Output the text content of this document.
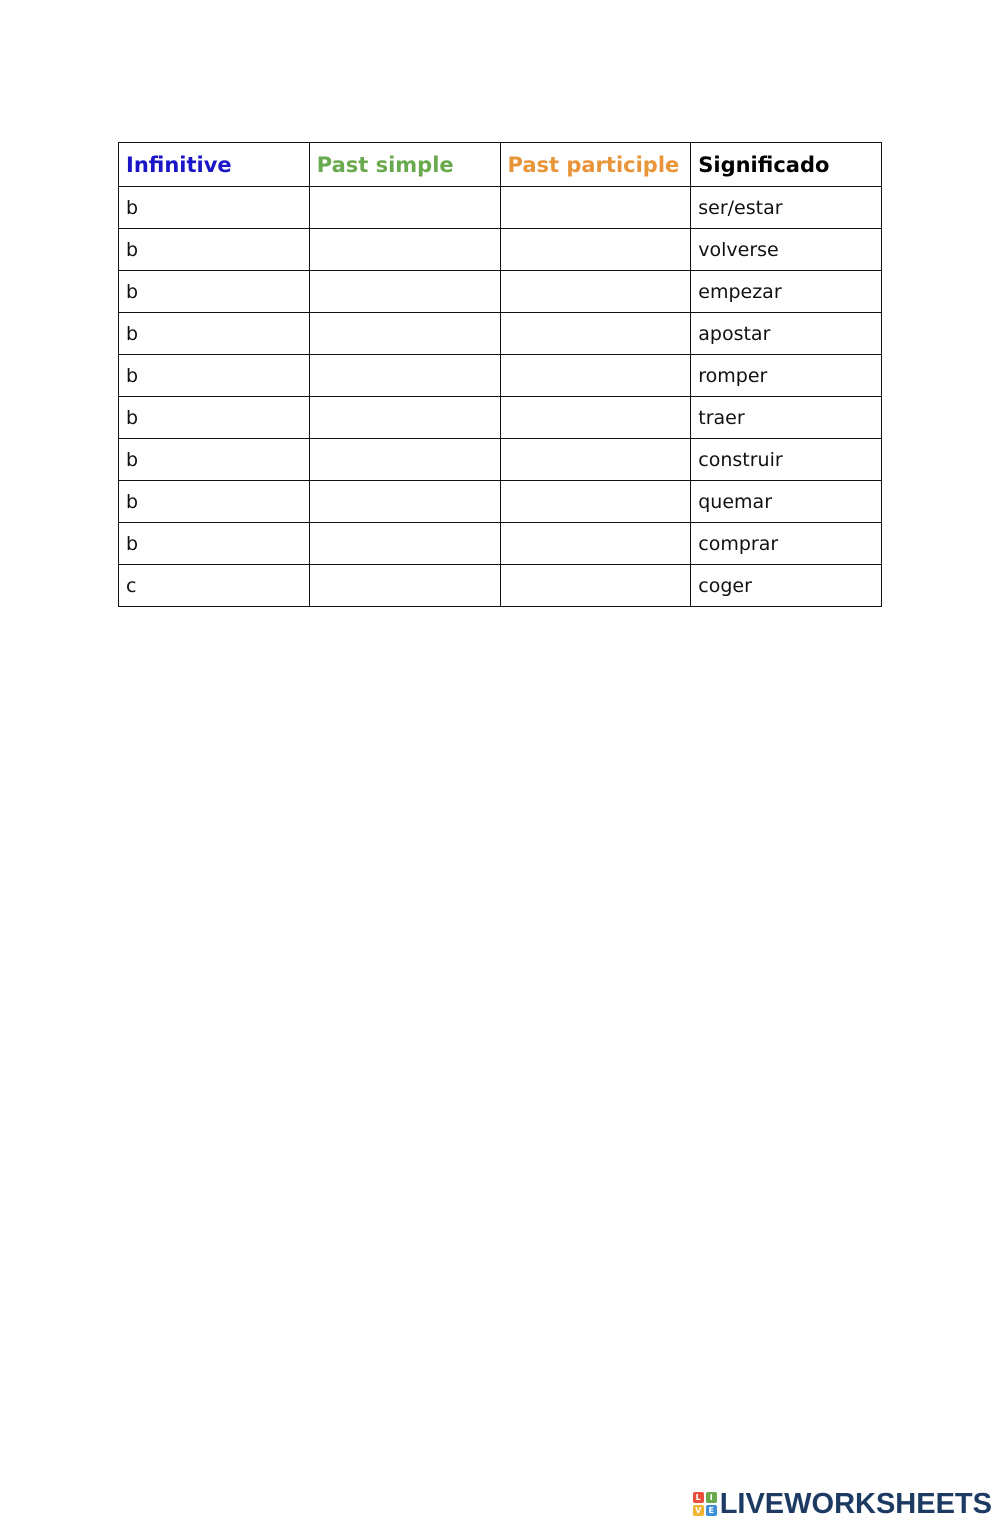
Infinitive	Past simple	Past participle	Significado
b			ser/estar
b			volverse
b			empezar
b			apostar
b			romper
b			traer
b			construir
b			quemar
b			comprar
c			coger
L	I
V E LIVEWORKSHEETS
